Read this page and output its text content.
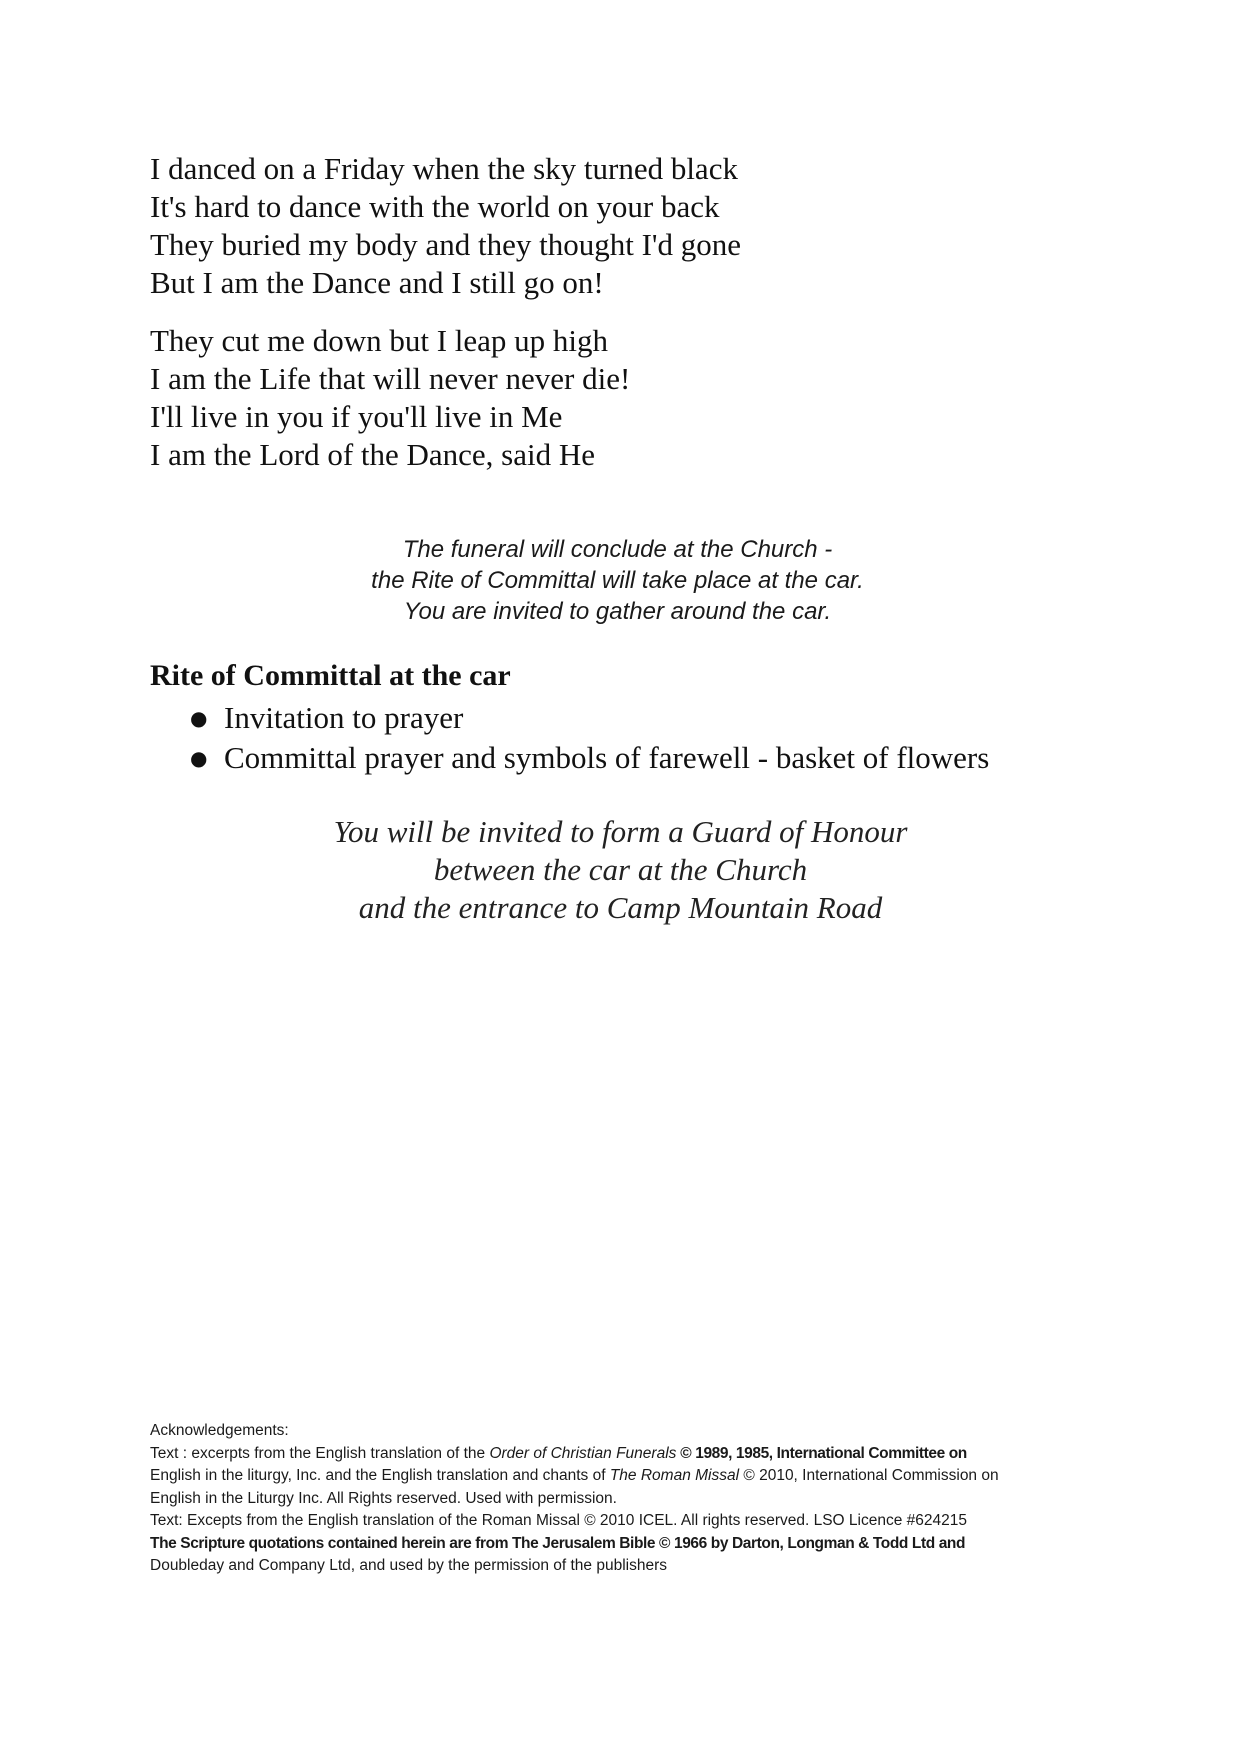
I danced on a Friday when the sky turned black
It's hard to dance with the world on your back
They buried my body and they thought I'd gone
But I am the Dance and I still go on!
They cut me down but I leap up high
I am the Life that will never never die!
I'll live in you if you'll live in Me
I am the Lord of the Dance, said He
The funeral will conclude at the Church -
the Rite of Committal will take place at the car.
You are invited to gather around the car.
Rite of Committal at the car
● Invitation to prayer
● Committal prayer and symbols of farewell - basket of flowers
You will be invited to form a Guard of Honour
between the car at the Church
and the entrance to Camp Mountain Road
Acknowledgements:
Text : excerpts from the English translation of the Order of Christian Funerals © 1989, 1985, International Committee on
English in the liturgy, Inc. and the English translation and chants of The Roman Missal © 2010, International Commission on
English in the Liturgy Inc. All Rights reserved. Used with permission.
Text: Excepts from the English translation of the Roman Missal © 2010 ICEL. All rights reserved. LSO Licence #624215
The Scripture quotations contained herein are from The Jerusalem Bible © 1966 by Darton, Longman & Todd Ltd and
Doubleday and Company Ltd, and used by the permission of the publishers
